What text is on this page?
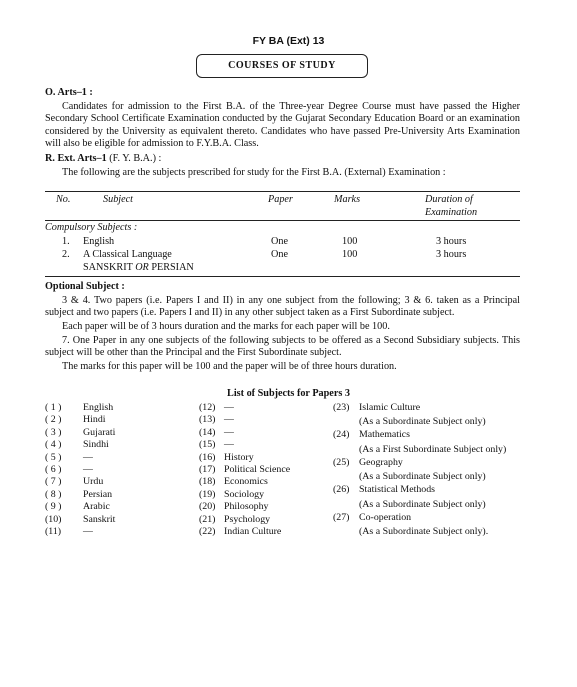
FY BA (Ext) 13
COURSES OF STUDY
O. Arts–1 :
Candidates for admission to the First B.A. of the Three-year Degree Course must have passed the Higher Secondary School Certificate Examination conducted by the Gujarat Secondary Education Board or an examination considered by the University as equivalent thereto. Candidates who have passed Pre-University Arts Examination will also be eligible for admission to F.Y.B.A. Class.
R. Ext. Arts–1 (F. Y. B.A.) :
The following are the subjects prescribed for study for the First B.A. (External) Examination :
No.	Subject	Paper	Marks	Duration of
Examination
Compulsory Subjects :
1. English	One	100	3 hours
2. A Classical Language	One	100	3 hours
SANSKRIT OR PERSIAN
Optional Subject :
3 & 4. Two papers (i.e. Papers I and II) in any one subject from the following; 3 & 6. taken as a Principal subject and two papers (i.e. Papers I and II) in any other subject taken as a First Subordinate subject.
Each paper will be of 3 hours duration and the marks for each paper will be 100.
7. One Paper in any one subjects of the following subjects to be offered as a Second Subsidiary subjects. This subject will be other than the Principal and the First Subordinate subject.
The marks for this paper will be 100 and the paper will be of three hours duration.
List of Subjects for Papers 3
( 1 ) English
( 2 ) Hindi
( 3 ) Gujarati
( 4 ) Sindhi
( 5 ) —
( 6 ) —
( 7 ) Urdu
( 8 ) Persian
( 9 ) Arabic
(10) Sanskrit
(11) —
(12) —
(13) —
(14) —
(15) —
(16) History
(17) Political Science
(18) Economics
(19) Sociology
(20) Philosophy
(21) Psychology
(22) Indian Culture
(23) Islamic Culture
(As a Subordinate Subject only)
(24) Mathematics
(As a First Subordinate Subject only)
(25) Geography
(As a Subordinate Subject only)
(26) Statistical Methods
(As a Subordinate Subject only)
(27) Co-operation
(As a Subordinate Subject only).
